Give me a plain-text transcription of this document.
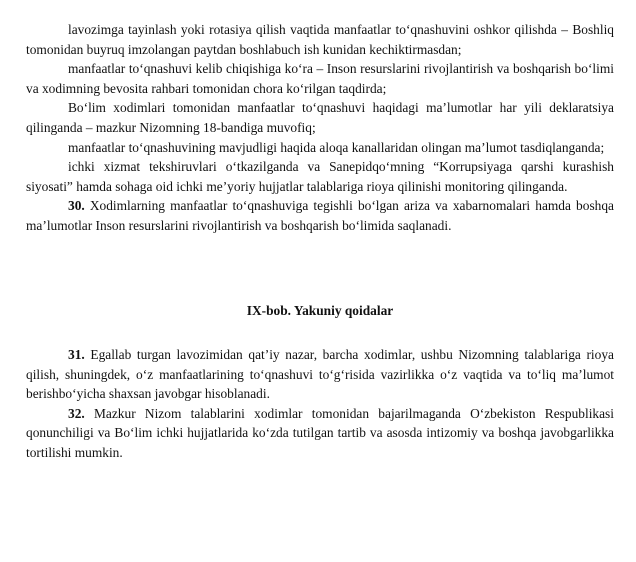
lavozimga tayinlash yoki rotasiya qilish vaqtida manfaatlar to‘qnashuvini oshkor qilishda – Boshliq tomonidan buyruq imzolangan paytdan boshlabuch ish kunidan kechiktirmasdan;

manfaatlar to‘qnashuvi kelib chiqishiga ko‘ra – Inson resurslarini rivojlantirish va boshqarish bo‘limi va xodimning bevosita rahbari tomonidan chora ko‘rilgan taqdirda;

Bo‘lim xodimlari tomonidan manfaatlar to‘qnashuvi haqidagi ma’lumotlar har yili deklaratsiya qilinganda – mazkur Nizomning 18-bandiga muvofiq;

manfaatlar to‘qnashuvining mavjudligi haqida aloqa kanallaridan olingan ma’lumot tasdiqlanganda;

ichki xizmat tekshiruvlari o‘tkazilganda va Sanepidqo‘mning “Korrupsiyaga qarshi kurashish siyosati” hamda sohaga oid ichki me’yoriy hujjatlar talablariga rioya qilinishi monitoring qilinganda.

30. Xodimlarning manfaatlar to‘qnashuviga tegishli bo‘lgan ariza va xabarnomalari hamda boshqa ma’lumotlar Inson resurslarini rivojlantirish va boshqarish bo‘limida saqlanadi.

IX-bob. Yakuniy qoidalar

31. Egallab turgan lavozimidan qat’iy nazar, barcha xodimlar, ushbu Nizomning talablariga rioya qilish, shuningdek, o‘z manfaatlarining to‘qnashuvi to‘g‘risida vazirlikka o‘z vaqtida va to‘liq ma’lumot berishbo‘yicha shaxsan javobgar hisoblanadi.

32. Mazkur Nizom talablarini xodimlar tomonidan bajarilmaganda O‘zbekiston Respublikasi qonunchiligi va Bo‘lim ichki hujjatlarida ko‘zda tutilgan tartib va asosda intizomiy va boshqa javobgarlikka tortilishi mumkin.
